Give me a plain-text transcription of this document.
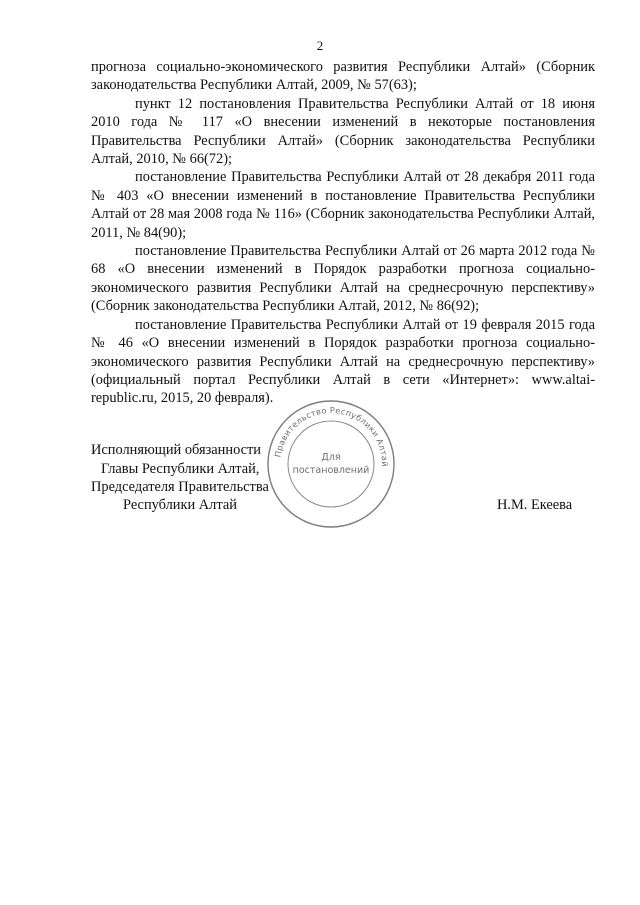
2

прогноза социально-экономического развития Республики Алтай» (Сборник законодательства Республики Алтай, 2009, № 57(63);

пункт 12 постановления Правительства Республики Алтай от 18 июня 2010 года № 117 «О внесении изменений в некоторые постановления Правительства Республики Алтай» (Сборник законодательства Республики Алтай, 2010, № 66(72);

постановление Правительства Республики Алтай от 28 декабря 2011 года № 403 «О внесении изменений в постановление Правительства Республики Алтай от 28 мая 2008 года № 116» (Сборник законодательства Республики Алтай, 2011, № 84(90);

постановление Правительства Республики Алтай от 26 марта 2012 года № 68 «О внесении изменений в Порядок разработки прогноза социально-экономического развития Республики Алтай на среднесрочную перспективу» (Сборник законодательства Республики Алтай, 2012, № 86(92);

постановление Правительства Республики Алтай от 19 февраля 2015 года № 46 «О внесении изменений в Порядок разработки прогноза социально-экономического развития Республики Алтай на среднесрочную перспективу» (официальный портал Республики Алтай в сети «Интернет»: www.altai-republic.ru, 2015, 20 февраля).

Исполняющий обязанности
Главы Республики Алтай,
Председателя Правительства
Республики Алтай	Н.М. Екеева
Правительство Республики Алтай
Для
постановлений
